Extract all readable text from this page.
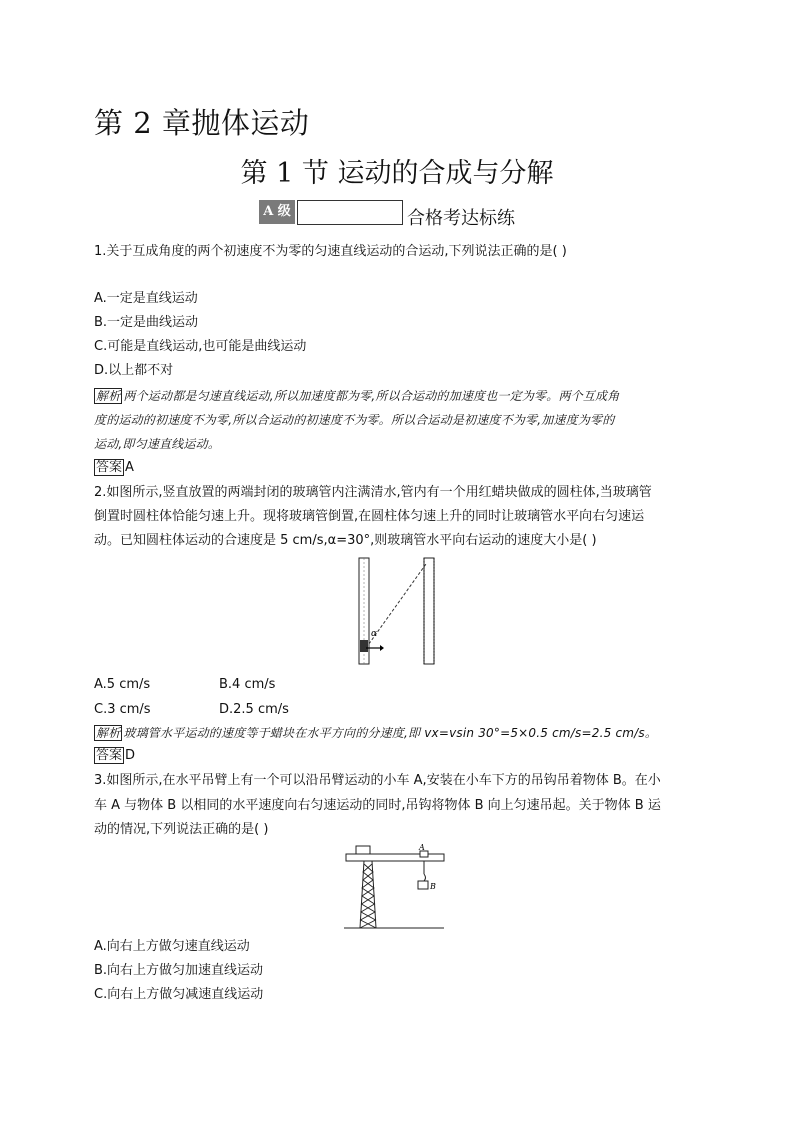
第 2 章抛体运动
第 1 节 运动的合成与分解
A 级	合格考达标练
1.关于互成角度的两个初速度不为零的匀速直线运动的合运动,下列说法正确的是( )
A.一定是直线运动
B.一定是曲线运动
C.可能是直线运动,也可能是曲线运动
D.以上都不对
解析 两个运动都是匀速直线运动,所以加速度都为零,所以合运动的加速度也一定为零。两个互成角
度的运动的初速度不为零,所以合运动的初速度不为零。所以合运动是初速度不为零,加速度为零的
运动,即匀速直线运动。
答案 A
2.如图所示,竖直放置的两端封闭的玻璃管内注满清水,管内有一个用红蜡块做成的圆柱体,当玻璃管
倒置时圆柱体恰能匀速上升。现将玻璃管倒置,在圆柱体匀速上升的同时让玻璃管水平向右匀速运
动。已知圆柱体运动的合速度是 5 cm/s,α=30°,则玻璃管水平向右运动的速度大小是( )
α
A.5 cm/s	B.4 cm/s
C.3 cm/s	D.2.5 cm/s
解析 玻璃管水平运动的速度等于蜡块在水平方向的分速度,即 vx=vsin 30°=5×0.5 cm/s=2.5 cm/s。
答案 D
3.如图所示,在水平吊臂上有一个可以沿吊臂运动的小车 A,安装在小车下方的吊钩吊着物体 B。在小
车 A 与物体 B 以相同的水平速度向右匀速运动的同时,吊钩将物体 B 向上匀速吊起。关于物体 B 运
动的情况,下列说法正确的是( )
A
B
A.向右上方做匀速直线运动
B.向右上方做匀加速直线运动
C.向右上方做匀减速直线运动
